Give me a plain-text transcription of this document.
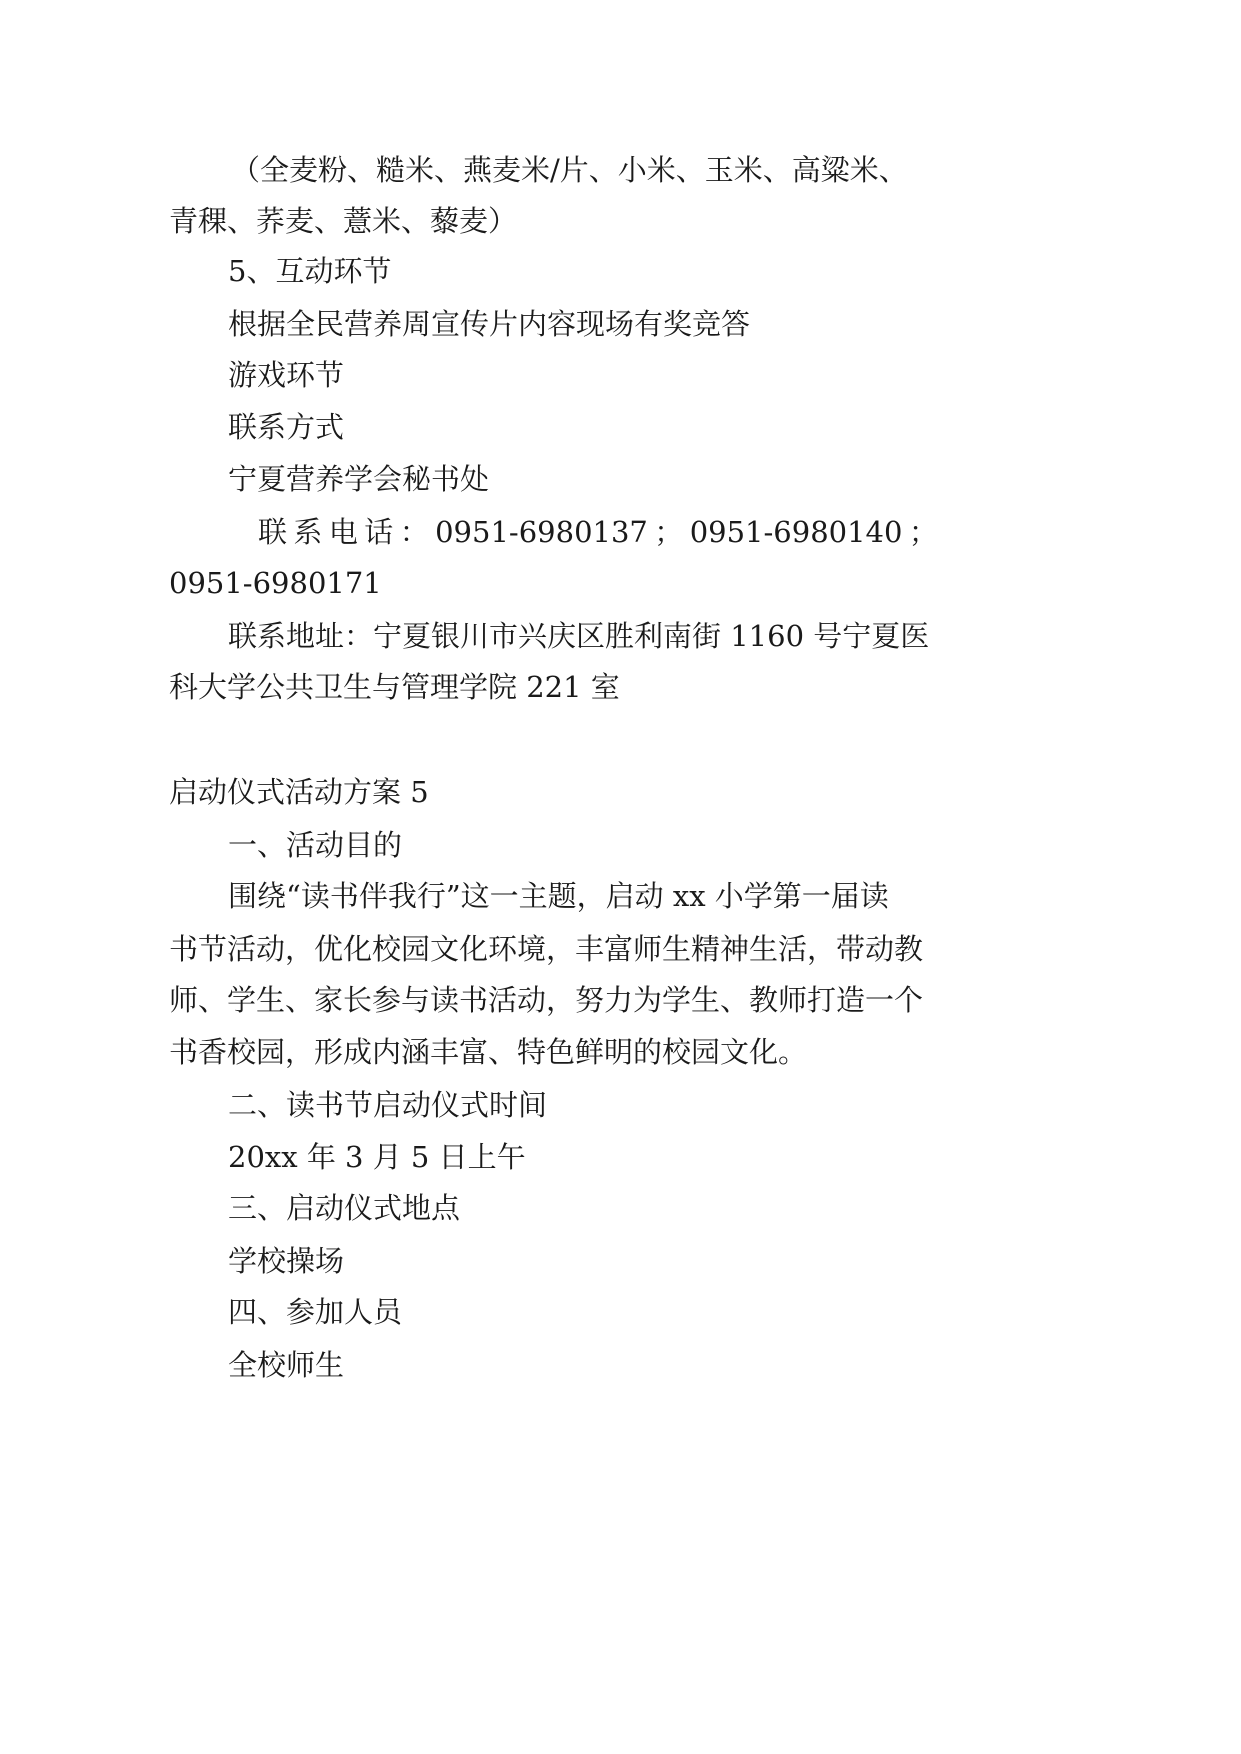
（全麦粉、糙米、燕麦米/片、小米、玉米、高粱米、
青稞、荞麦、薏米、藜麦）
5、互动环节
根据全民营养周宣传片内容现场有奖竞答
游戏环节
联系方式
宁夏营养学会秘书处
联 系 电 话 ： 0951-6980137 ； 0951-6980140 ；
0951-6980171
联系地址：宁夏银川市兴庆区胜利南街 1160 号宁夏医
科大学公共卫生与管理学院 221 室
启动仪式活动方案 5
一、活动目的
围绕“读书伴我行”这一主题，启动 xx 小学第一届读
书节活动，优化校园文化环境，丰富师生精神生活，带动教
师、学生、家长参与读书活动，努力为学生、教师打造一个
书香校园，形成内涵丰富、特色鲜明的校园文化。
二、读书节启动仪式时间
20xx 年 3 月 5 日上午
三、启动仪式地点
学校操场
四、参加人员
全校师生
